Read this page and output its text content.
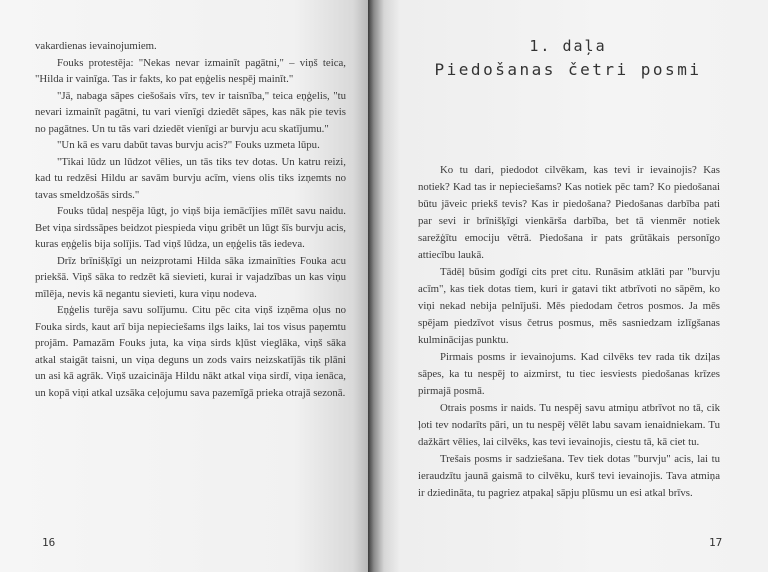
vakardienas ievainojumiem.

Fouks protestēja: "Nekas nevar izmainīt pagātni," – viņš teica, "Hilda ir vainīga. Tas ir fakts, ko pat eņģelis nespēj mainīt."

"Jā, nabaga sāpes ciešošais vīrs, tev ir taisnība," teica eņģelis, "tu nevari izmainīt pagātni, tu vari vienīgi dziedēt sāpes, kas nāk pie tevis no pagātnes. Un tu tās vari dziedēt vienīgi ar burvju acu skatījumu."

"Un kā es varu dabūt tavas burvju acis?" Fouks uzmeta lūpu.

"Tikai lūdz un lūdzot vēlies, un tās tiks tev dotas. Un katru reizi, kad tu redzēsi Hildu ar savām burvju acīm, viens olis tiks izņemts no tavas smeldzošās sirds."

Fouks tūdaļ nespēja lūgt, jo viņš bija iemācījies mīlēt savu naidu. Bet viņa sirdssāpes beidzot piespieda viņu gribēt un lūgt šīs burvju acis, kuras eņģelis bija solījis. Tad viņš lūdza, un eņģelis tās iedeva.

Drīz brīnišķīgi un neizprotami Hilda sāka izmainīties Fouka acu priekšā. Viņš sāka to redzēt kā sievieti, kurai ir vajadzības un kas viņu mīlēja, nevis kā negantu sievieti, kura viņu nodeva.

Eņģelis turēja savu solījumu. Citu pēc cita viņš izņēma oļus no Fouka sirds, kaut arī bija nepieciešams ilgs laiks, lai tos visus paņemtu projām. Pamazām Fouks juta, ka viņa sirds kļūst vieglāka, viņš sāka atkal staigāt taisni, un viņa deguns un zods vairs neizskatījās tik plāni un asi kā agrāk. Viņš uzaicināja Hildu nākt atkal viņa sirdī, viņa ienāca, un kopā viņi atkal uzsāka ceļojumu sava pazemīgā prieka otrajā sezonā.

16
1. daļa
Piedošanas četri posmi

Ko tu dari, piedodot cilvēkam, kas tevi ir ievainojis? Kas notiek? Kad tas ir nepieciešams? Kas notiek pēc tam? Ko piedošanai būtu jāveic priekš tevis? Kas ir piedošana? Piedošanas darbība pati par sevi ir brīnišķīgi vienkārša darbība, bet tā vienmēr notiek sarežģītu emociju vētrā. Piedošana ir pats grūtākais personīgo attiecību laukā.

Tādēļ būsim godīgi cits pret citu. Runāsim atklāti par "burvju acīm", kas tiek dotas tiem, kuri ir gatavi tikt atbrīvoti no sāpēm, ko viņi nekad nebija pelnījuši. Mēs piedodam četros posmos. Ja mēs spējam piedzīvot visus četrus posmus, mēs sasniedzam izlīgšanas kulminācijas punktu.

Pirmais posms ir ievainojums. Kad cilvēks tev rada tik dziļas sāpes, ka tu nespēj to aizmirst, tu tiec iesviests piedošanas krīzes pirmajā posmā.

Otrais posms ir naids. Tu nespēj savu atmiņu atbrīvot no tā, cik ļoti tev nodarīts pāri, un tu nespēj vēlēt labu savam ienaidniekam. Tu dažkārt vēlies, lai cilvēks, kas tevi ievainojis, ciestu tā, kā ciet tu.

Trešais posms ir sadziešana. Tev tiek dotas "burvju" acis, lai tu ieraudzītu jaunā gaismā to cilvēku, kurš tevi ievainojis. Tava atmiņa ir dziedināta, tu pagriez atpakaļ sāpju plūsmu un esi atkal brīvs.

17
